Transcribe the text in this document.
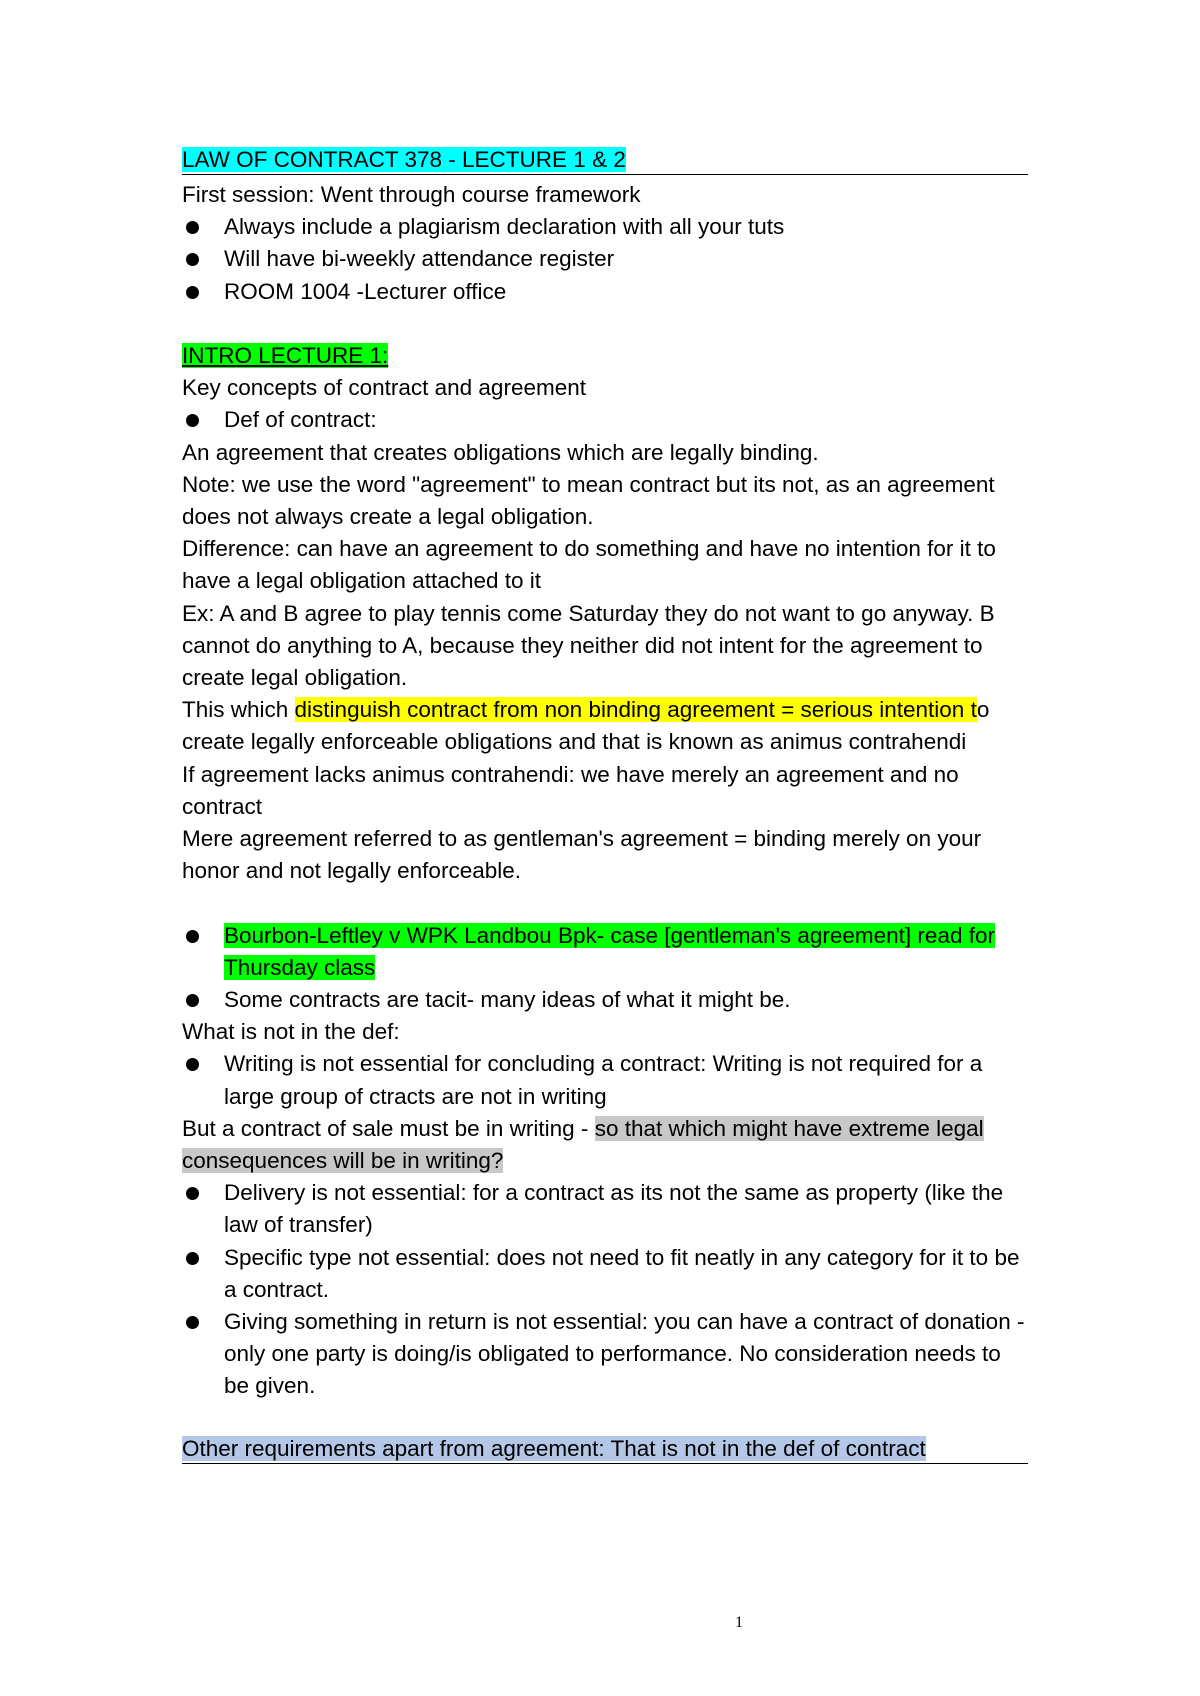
LAW OF CONTRACT 378 - LECTURE 1 & 2

First session: Went through course framework

Always include a plagiarism declaration with all your tuts

Will have bi-weekly attendance register

ROOM 1004 -Lecturer office

INTRO LECTURE 1:

Key concepts of contract and agreement

Def of contract:

An agreement that creates obligations which are legally binding.

Note: we use the word "agreement" to mean contract but its not, as an agreement does not always create a legal obligation.

Difference: can have an agreement to do something and have no intention for it to have a legal obligation attached to it

Ex: A and B agree to play tennis come Saturday they do not want to go anyway. B cannot do anything to A, because they neither did not intent for the agreement to create legal obligation.

This which distinguish contract from non binding agreement = serious intention to create legally enforceable obligations and that is known as animus contrahendi

If agreement lacks animus contrahendi: we have merely an agreement and no contract

Mere agreement referred to as gentleman's agreement = binding merely on your honor and not legally enforceable.

Bourbon-Leftley v WPK Landbou Bpk- case [gentleman's agreement] read for Thursday class

Some contracts are tacit- many ideas of what it might be.

What is not in the def:

Writing is not essential for concluding a contract: Writing is not required for a large group of ctracts are not in writing

But a contract of sale must be in writing - so that which might have extreme legal consequences will be in writing?

Delivery is not essential: for a contract as its not the same as property (like the law of transfer)

Specific type not essential: does not need to fit neatly in any category for it to be a contract.

Giving something in return is not essential: you can have a contract of donation - only one party is doing/is obligated to performance. No consideration needs to be given.

Other requirements apart from agreement: That is not in the def of contract

1
